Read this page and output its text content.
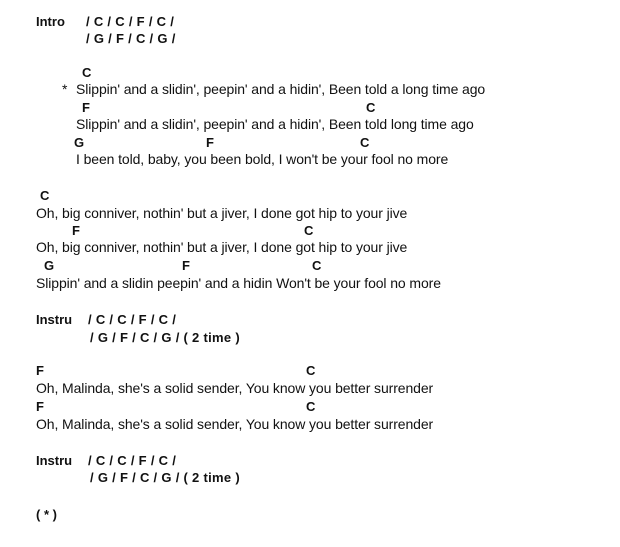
Intro / C / C / F / C /
/ G / F / C / G /
C
* Slippin' and a slidin', peepin' and a hidin', Been told a long time ago
F	C
Slippin' and a slidin', peepin' and a hidin', Been told long time ago
G	F	C
I been told, baby, you been bold, I won't be your fool no more
C
Oh, big conniver, nothin' but a jiver, I done got hip to your jive
F	C
Oh, big conniver, nothin' but a jiver, I done got hip to your jive
G	F	C
Slippin' and a slidin peepin' and a hidin Won't be your fool no more
Instru / C / C / F / C /
/ G / F / C / G / ( 2 time )
F	C
Oh, Malinda, she's a solid sender, You know you better surrender
F	C
Oh, Malinda, she's a solid sender, You know you better surrender
Instru / C / C / F / C /
/ G / F / C / G / ( 2 time )
( * )
